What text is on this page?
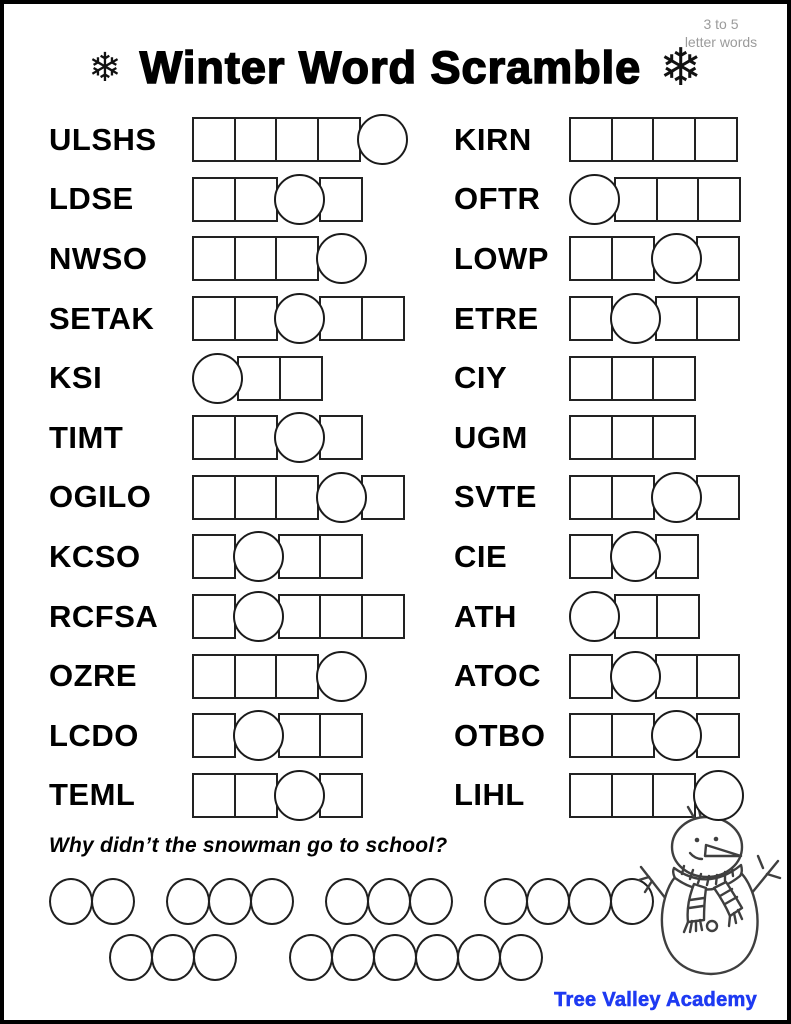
❄ Winter Word Scramble ❄
3 to 5
letter words
ULSHS
LDSE
NWSO
SETAK
KSI
TIMT
OGILO
KCSO
RCFSA
OZRE
LCDO
TEML
KIRN
OFTR
LOWP
ETRE
CIY
UGM
SVTE
CIE
ATH
ATOC
OTBO
LIHL

Why didn’t the snowman go to school?

Tree Valley Academy
